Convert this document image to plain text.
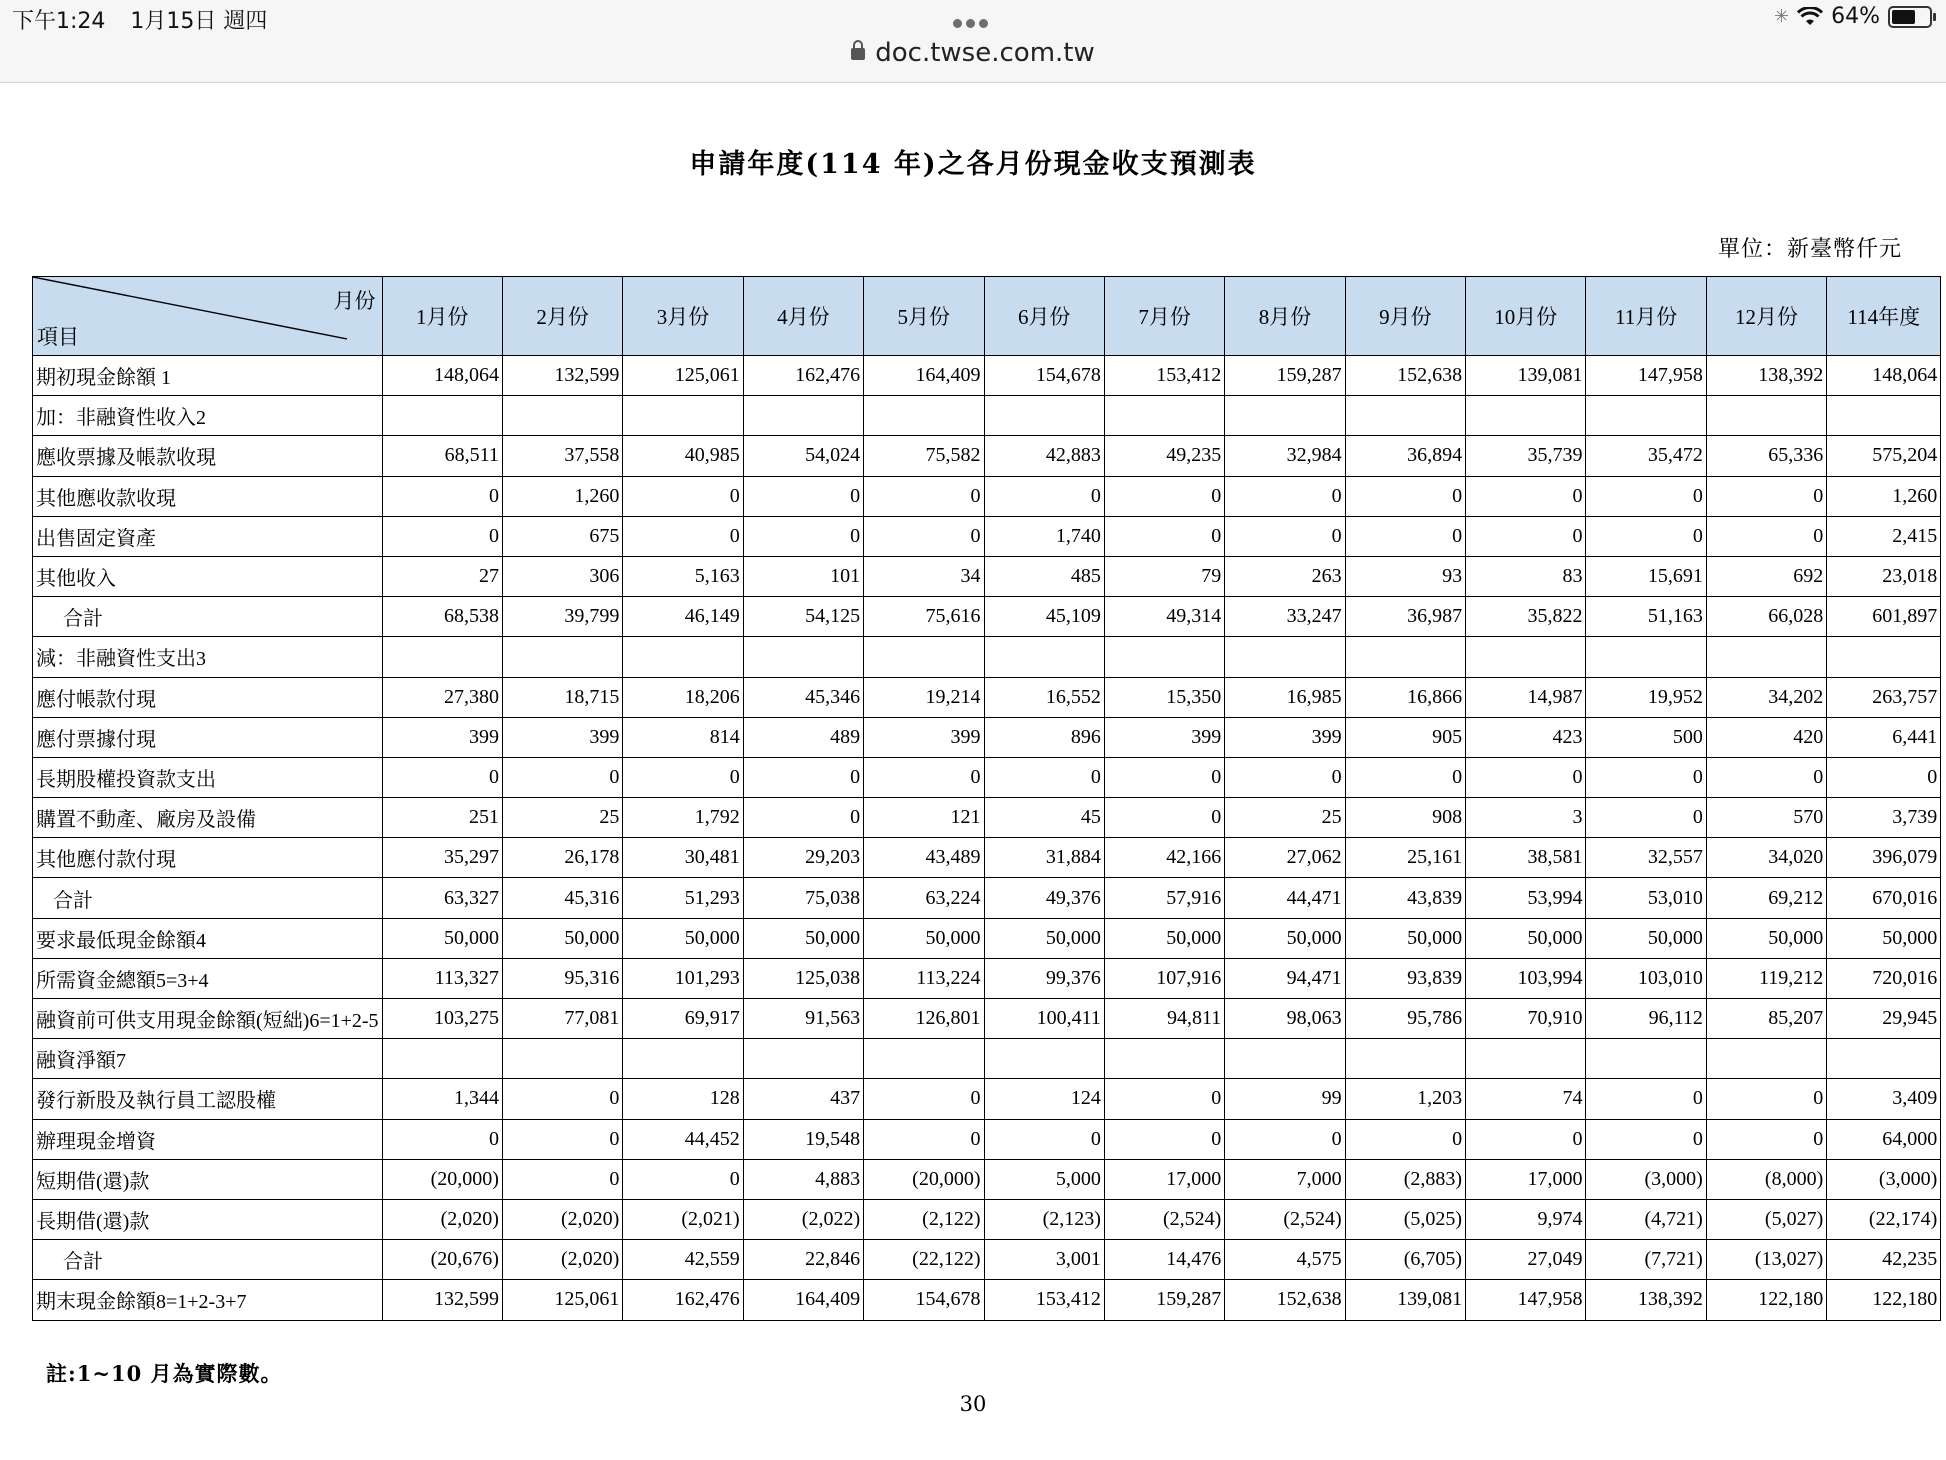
下午1:24 1月15日 週四	✳ 64%
doc.twse.com.tw
申請年度(114 年)之各月份現金收支預測表
單位：新臺幣仟元
月份
項目	1月份	2月份	3月份	4月份	5月份	6月份	7月份	8月份	9月份	10月份	11月份	12月份	114年度
期初現金餘額 1	148,064	132,599	125,061	162,476	164,409	154,678	153,412	159,287	152,638	139,081	147,958	138,392	148,064
加：非融資性收入2													
應收票據及帳款收現	68,511	37,558	40,985	54,024	75,582	42,883	49,235	32,984	36,894	35,739	35,472	65,336	575,204
其他應收款收現	0	1,260	0	0	0	0	0	0	0	0	0	0	1,260
出售固定資產	0	675	0	0	0	1,740	0	0	0	0	0	0	2,415
其他收入	27	306	5,163	101	34	485	79	263	93	83	15,691	692	23,018
合計	68,538	39,799	46,149	54,125	75,616	45,109	49,314	33,247	36,987	35,822	51,163	66,028	601,897
減：非融資性支出3													
應付帳款付現	27,380	18,715	18,206	45,346	19,214	16,552	15,350	16,985	16,866	14,987	19,952	34,202	263,757
應付票據付現	399	399	814	489	399	896	399	399	905	423	500	420	6,441
長期股權投資款支出	0	0	0	0	0	0	0	0	0	0	0	0	0
購置不動產、廠房及設備	251	25	1,792	0	121	45	0	25	908	3	0	570	3,739
其他應付款付現	35,297	26,178	30,481	29,203	43,489	31,884	42,166	27,062	25,161	38,581	32,557	34,020	396,079
合計	63,327	45,316	51,293	75,038	63,224	49,376	57,916	44,471	43,839	53,994	53,010	69,212	670,016
要求最低現金餘額4	50,000	50,000	50,000	50,000	50,000	50,000	50,000	50,000	50,000	50,000	50,000	50,000	50,000
所需資金總額5=3+4	113,327	95,316	101,293	125,038	113,224	99,376	107,916	94,471	93,839	103,994	103,010	119,212	720,016
融資前可供支用現金餘額(短絀)6=1+2-5	103,275	77,081	69,917	91,563	126,801	100,411	94,811	98,063	95,786	70,910	96,112	85,207	29,945
融資淨額7													
發行新股及執行員工認股權	1,344	0	128	437	0	124	0	99	1,203	74	0	0	3,409
辦理現金增資	0	0	44,452	19,548	0	0	0	0	0	0	0	0	64,000
短期借(還)款	(20,000)	0	0	4,883	(20,000)	5,000	17,000	7,000	(2,883)	17,000	(3,000)	(8,000)	(3,000)
長期借(還)款	(2,020)	(2,020)	(2,021)	(2,022)	(2,122)	(2,123)	(2,524)	(2,524)	(5,025)	9,974	(4,721)	(5,027)	(22,174)
合計	(20,676)	(2,020)	42,559	22,846	(22,122)	3,001	14,476	4,575	(6,705)	27,049	(7,721)	(13,027)	42,235
期末現金餘額8=1+2-3+7	132,599	125,061	162,476	164,409	154,678	153,412	159,287	152,638	139,081	147,958	138,392	122,180	122,180
註:1~10 月為實際數。
30
